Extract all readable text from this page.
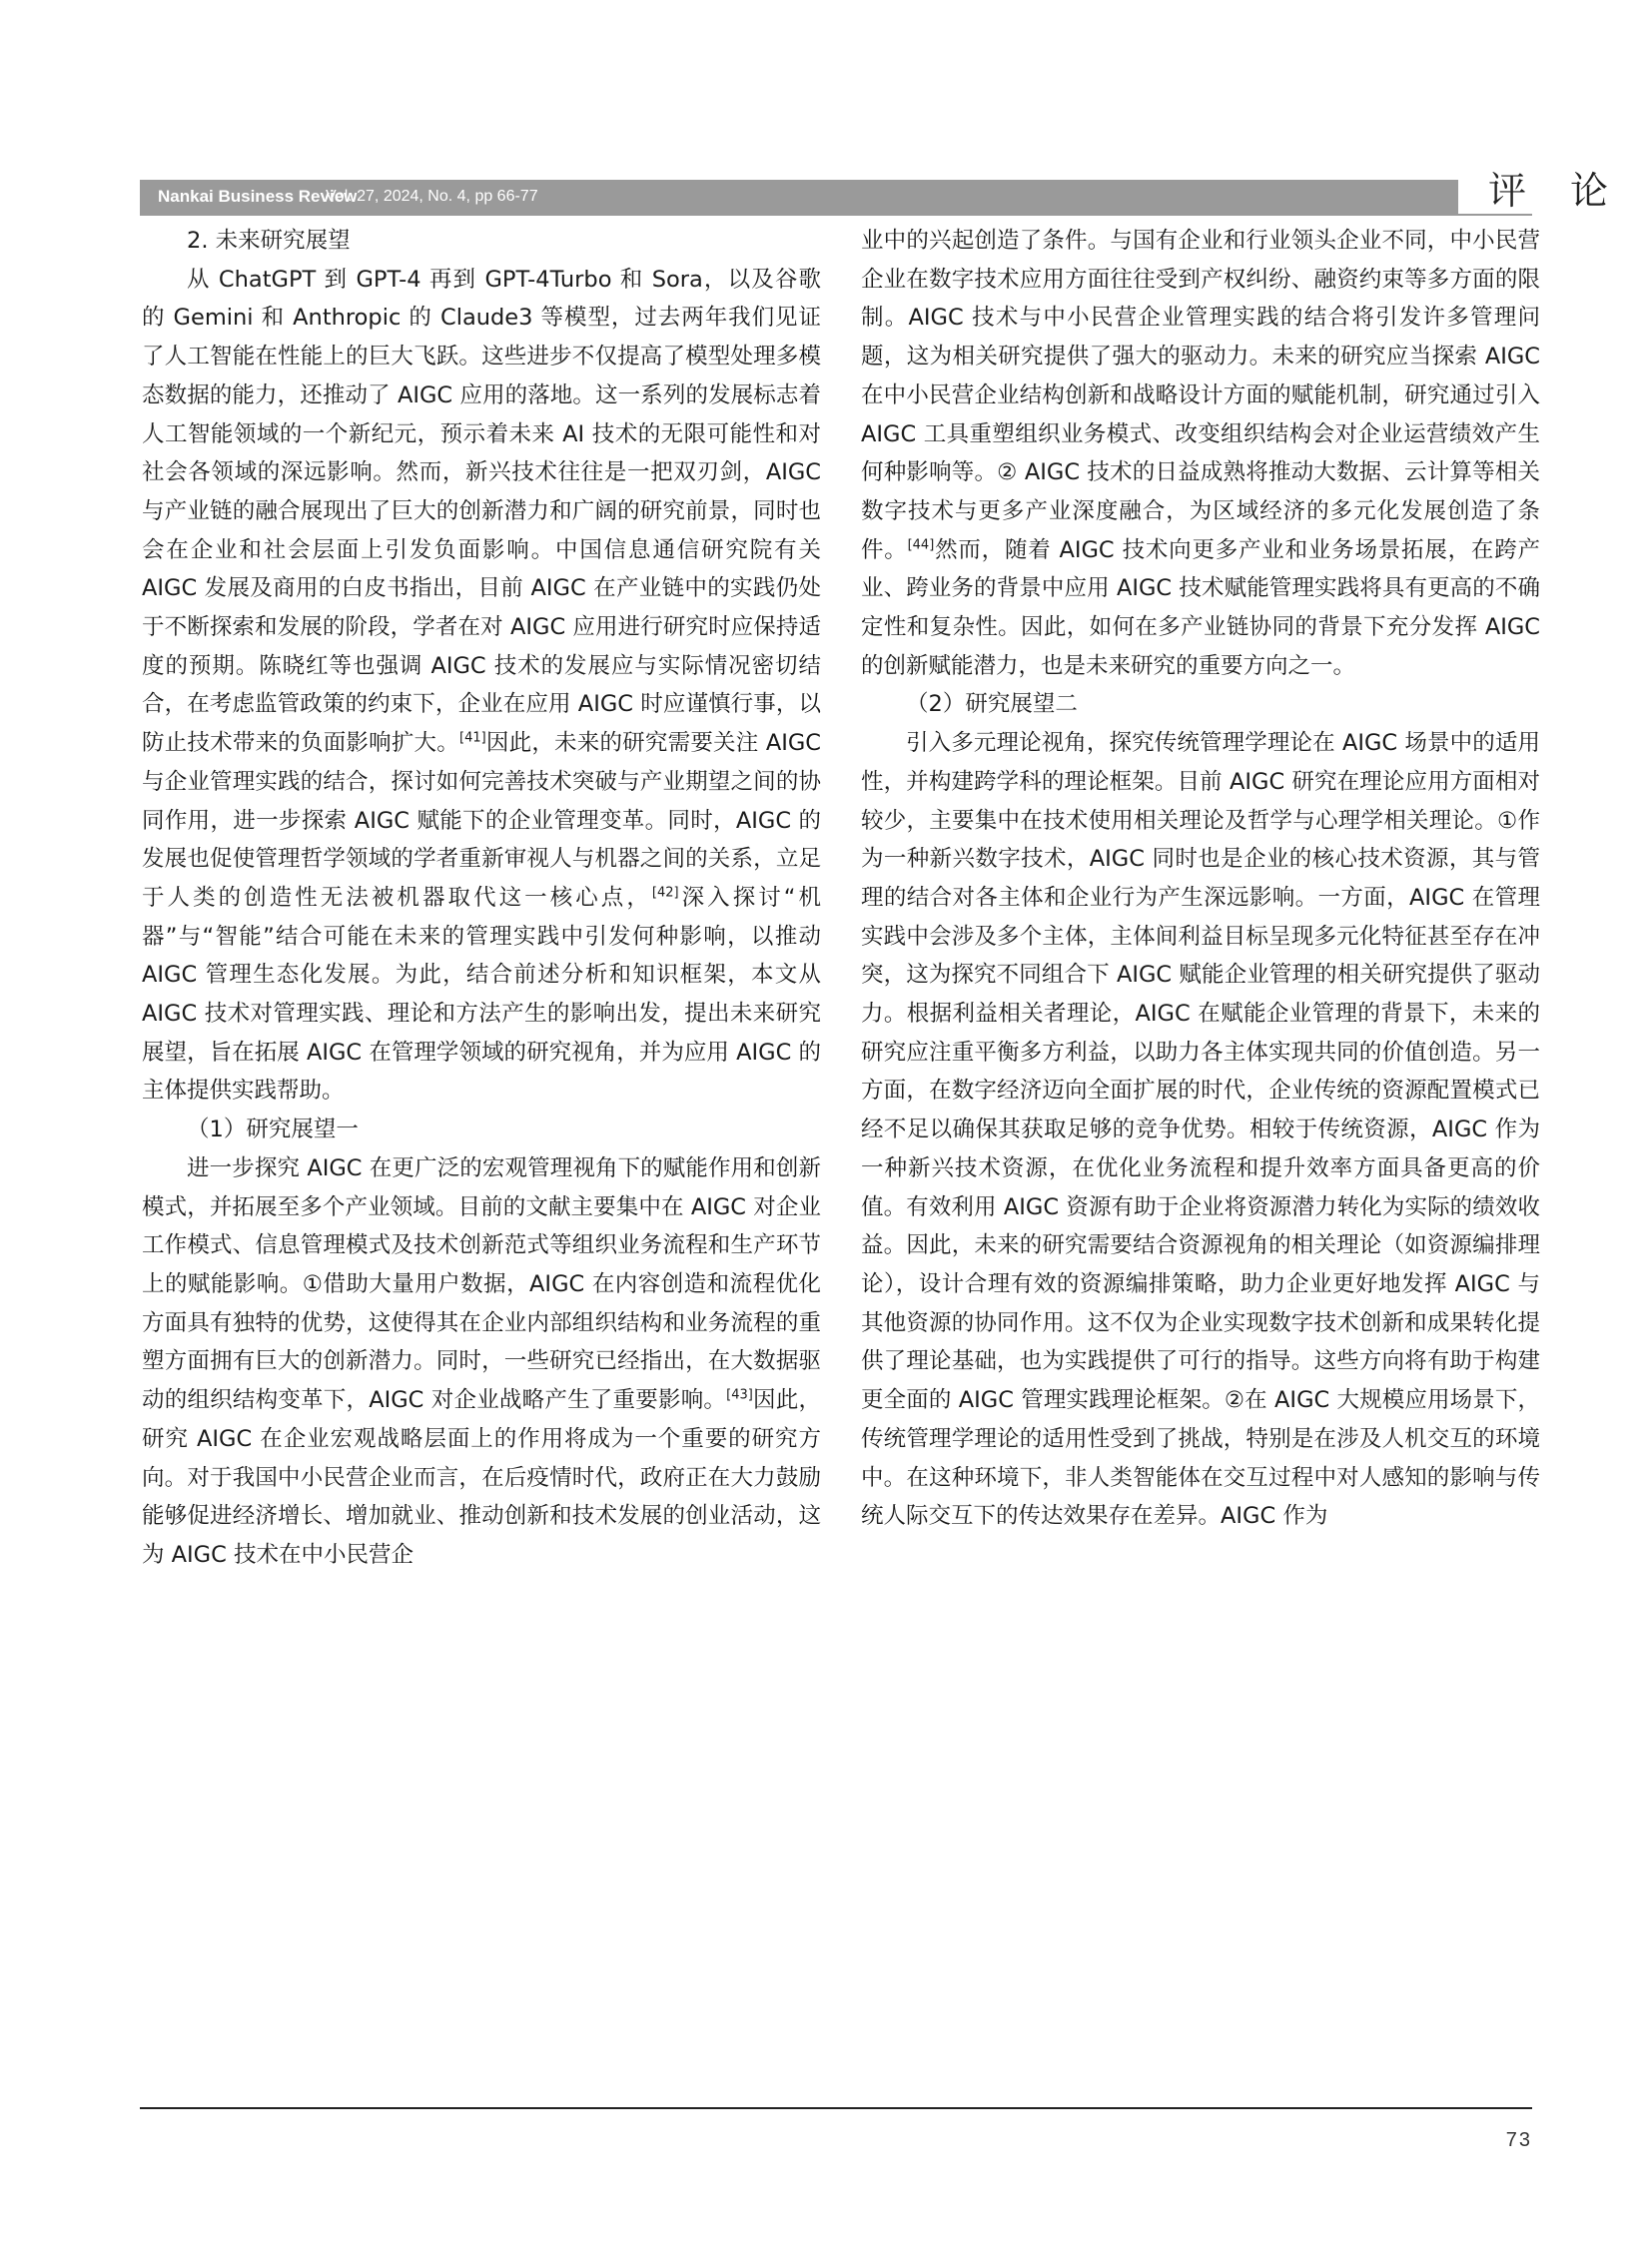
Nankai Business Review
Vol. 27, 2024, No. 4, pp 66-77	评论
2. 未来研究展望

从 ChatGPT 到 GPT-4 再到 GPT-4Turbo 和 Sora，以及谷歌的 Gemini 和 Anthropic 的 Claude3 等模型，过去两年我们见证了人工智能在性能上的巨大飞跃。这些进步不仅提高了模型处理多模态数据的能力，还推动了 AIGC 应用的落地。这一系列的发展标志着人工智能领域的一个新纪元，预示着未来 AI 技术的无限可能性和对社会各领域的深远影响。然而，新兴技术往往是一把双刃剑，AIGC 与产业链的融合展现出了巨大的创新潜力和广阔的研究前景，同时也会在企业和社会层面上引发负面影响。中国信息通信研究院有关 AIGC 发展及商用的白皮书指出，目前 AIGC 在产业链中的实践仍处于不断探索和发展的阶段，学者在对 AIGC 应用进行研究时应保持适度的预期。陈晓红等也强调 AIGC 技术的发展应与实际情况密切结合，在考虑监管政策的约束下，企业在应用 AIGC 时应谨慎行事，以防止技术带来的负面影响扩大。[41]因此，未来的研究需要关注 AIGC 与企业管理实践的结合，探讨如何完善技术突破与产业期望之间的协同作用，进一步探索 AIGC 赋能下的企业管理变革。同时，AIGC 的发展也促使管理哲学领域的学者重新审视人与机器之间的关系，立足于人类的创造性无法被机器取代这一核心点，[42]深入探讨“机器”与“智能”结合可能在未来的管理实践中引发何种影响，以推动 AIGC 管理生态化发展。为此，结合前述分析和知识框架，本文从 AIGC 技术对管理实践、理论和方法产生的影响出发，提出未来研究展望，旨在拓展 AIGC 在管理学领域的研究视角，并为应用 AIGC 的主体提供实践帮助。

（1）研究展望一

进一步探究 AIGC 在更广泛的宏观管理视角下的赋能作用和创新模式，并拓展至多个产业领域。目前的文献主要集中在 AIGC 对企业工作模式、信息管理模式及技术创新范式等组织业务流程和生产环节上的赋能影响。①借助大量用户数据，AIGC 在内容创造和流程优化方面具有独特的优势，这使得其在企业内部组织结构和业务流程的重塑方面拥有巨大的创新潜力。同时，一些研究已经指出，在大数据驱动的组织结构变革下，AIGC 对企业战略产生了重要影响。[43]因此，研究 AIGC 在企业宏观战略层面上的作用将成为一个重要的研究方向。对于我国中小民营企业而言，在后疫情时代，政府正在大力鼓励能够促进经济增长、增加就业、推动创新和技术发展的创业活动，这为 AIGC 技术在中小民营企

业中的兴起创造了条件。与国有企业和行业领头企业不同，中小民营企业在数字技术应用方面往往受到产权纠纷、融资约束等多方面的限制。AIGC 技术与中小民营企业管理实践的结合将引发许多管理问题，这为相关研究提供了强大的驱动力。未来的研究应当探索 AIGC 在中小民营企业结构创新和战略设计方面的赋能机制，研究通过引入 AIGC 工具重塑组织业务模式、改变组织结构会对企业运营绩效产生何种影响等。② AIGC 技术的日益成熟将推动大数据、云计算等相关数字技术与更多产业深度融合，为区域经济的多元化发展创造了条件。[44]然而，随着 AIGC 技术向更多产业和业务场景拓展，在跨产业、跨业务的背景中应用 AIGC 技术赋能管理实践将具有更高的不确定性和复杂性。因此，如何在多产业链协同的背景下充分发挥 AIGC 的创新赋能潜力，也是未来研究的重要方向之一。

（2）研究展望二

引入多元理论视角，探究传统管理学理论在 AIGC 场景中的适用性，并构建跨学科的理论框架。目前 AIGC 研究在理论应用方面相对较少，主要集中在技术使用相关理论及哲学与心理学相关理论。①作为一种新兴数字技术，AIGC 同时也是企业的核心技术资源，其与管理的结合对各主体和企业行为产生深远影响。一方面，AIGC 在管理实践中会涉及多个主体，主体间利益目标呈现多元化特征甚至存在冲突，这为探究不同组合下 AIGC 赋能企业管理的相关研究提供了驱动力。根据利益相关者理论，AIGC 在赋能企业管理的背景下，未来的研究应注重平衡多方利益，以助力各主体实现共同的价值创造。另一方面，在数字经济迈向全面扩展的时代，企业传统的资源配置模式已经不足以确保其获取足够的竞争优势。相较于传统资源，AIGC 作为一种新兴技术资源，在优化业务流程和提升效率方面具备更高的价值。有效利用 AIGC 资源有助于企业将资源潜力转化为实际的绩效收益。因此，未来的研究需要结合资源视角的相关理论（如资源编排理论），设计合理有效的资源编排策略，助力企业更好地发挥 AIGC 与其他资源的协同作用。这不仅为企业实现数字技术创新和成果转化提供了理论基础，也为实践提供了可行的指导。这些方向将有助于构建更全面的 AIGC 管理实践理论框架。②在 AIGC 大规模应用场景下，传统管理学理论的适用性受到了挑战，特别是在涉及人机交互的环境中。在这种环境下，非人类智能体在交互过程中对人感知的影响与传统人际交互下的传达效果存在差异。AIGC 作为

73
